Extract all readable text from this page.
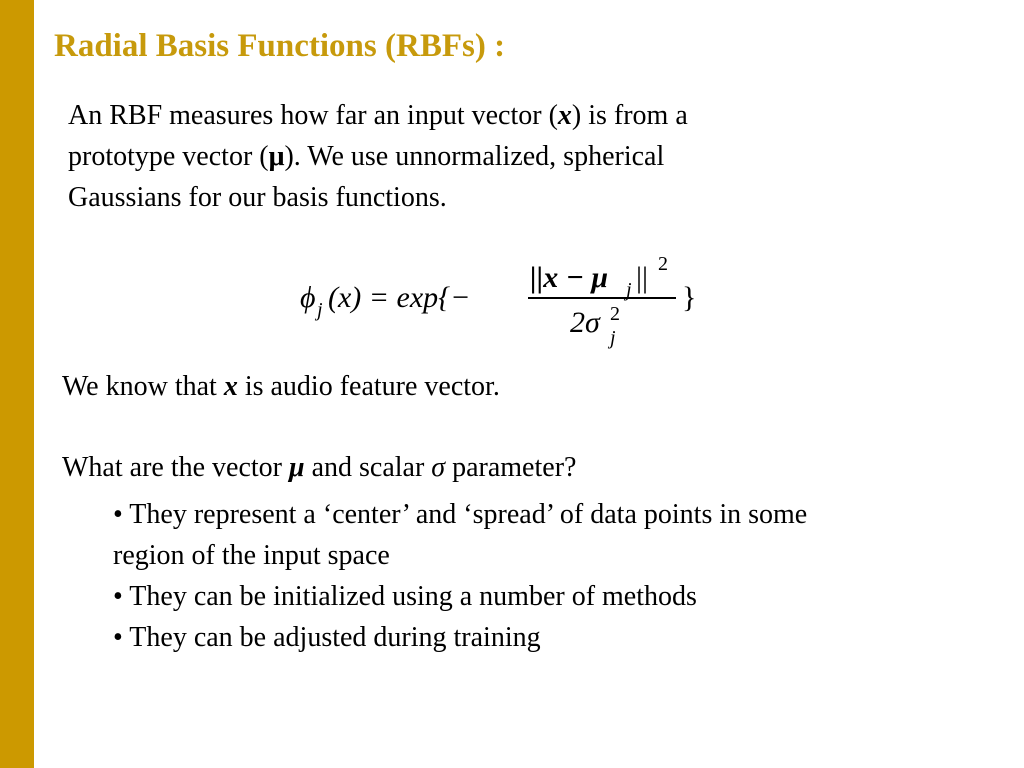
Radial Basis Functions (RBFs) :
An RBF measures how far an input vector (x) is from a
prototype vector (μ). We use unnormalized, spherical
Gaussians for our basis functions.
ϕ j (x) = exp{−
||x − μ j || 2
2σ 2
j
}
We know that x is audio feature vector.
What are the vector μ and scalar σ parameter?
• They represent a ‘center’ and ‘spread’ of data points in some
region of the input space
• They can be initialized using a number of methods
• They can be adjusted during training
